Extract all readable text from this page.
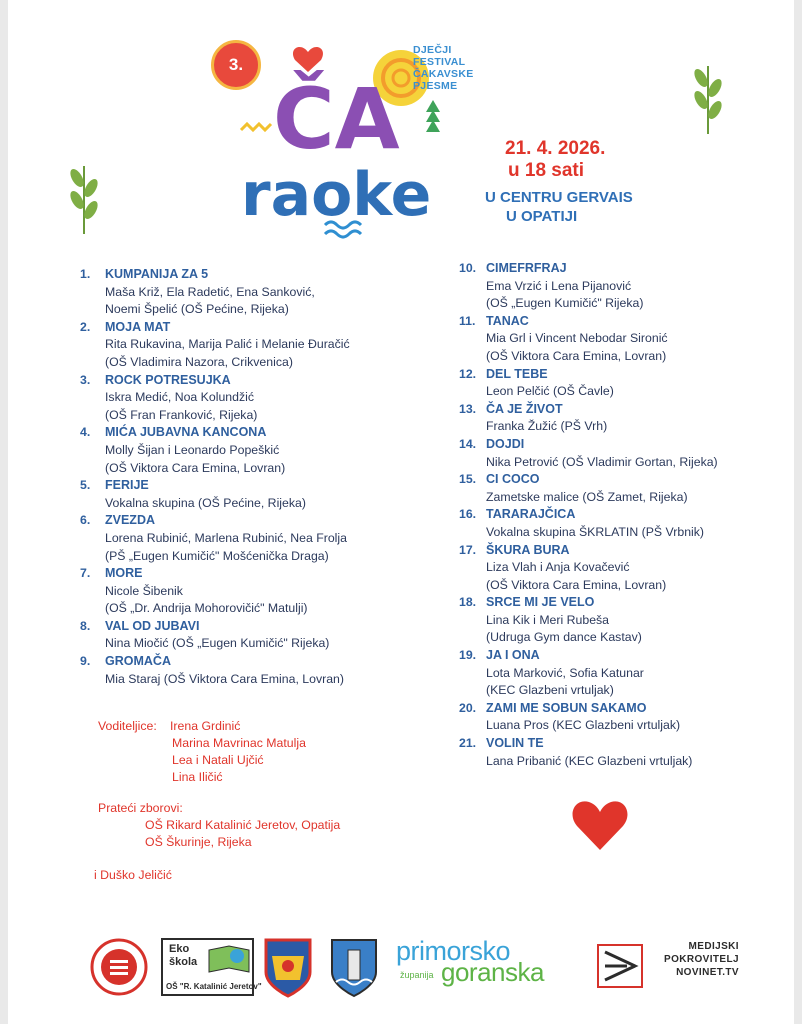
3.
ČA
raoke
DJEČJI
FESTIVAL
ČAKAVSKE
PJESME
21. 4. 2026.
u 18 sati
U CENTRU GERVAIS
U OPATIJI
1.	KUMPANIJA ZA 5
Maša Križ, Ela Radetić, Ena Sanković,
Noemi Špelić (OŠ Pećine, Rijeka)
2.	MOJA MAT
Rita Rukavina, Marija Palić i Melanie Đuračić
(OŠ Vladimira Nazora, Crikvenica)
3.	ROCK POTRESUJKA
Iskra Medić, Noa Kolundžić
(OŠ Fran Franković, Rijeka)
4.	MIĆA JUBAVNA KANCONA
Molly Šijan i Leonardo Popeškić
(OŠ Viktora Cara Emina, Lovran)
5.	FERIJE
Vokalna skupina (OŠ Pećine, Rijeka)
6.	ZVEZDA
Lorena Rubinić, Marlena Rubinić, Nea Frolja
(PŠ „Eugen Kumičić" Mošćenička Draga)
7.	MORE
Nicole Šibenik
(OŠ „Dr. Andrija Mohorovičić" Matulji)
8.	VAL OD JUBAVI
Nina Miočić (OŠ „Eugen Kumičić" Rijeka)
9.	GROMAČA
Mia Staraj (OŠ Viktora Cara Emina, Lovran)
10. CIMEFRFRAJ
Ema Vrzić i Lena Pijanović
(OŠ „Eugen Kumičić" Rijeka)
11. TANAC
Mia Grl i Vincent Nebodar Sironić
(OŠ Viktora Cara Emina, Lovran)
12. DEL TEBE
Leon Pelčić (OŠ Čavle)
13. ČA JE ŽIVOT
Franka Žužić (PŠ Vrh)
14. DOJDI
Nika Petrović (OŠ Vladimir Gortan, Rijeka)
15. CI COCO
Zametske malice (OŠ Zamet, Rijeka)
16. TARARAJČICA
Vokalna skupina ŠKRLATIN (PŠ Vrbnik)
17. ŠKURA BURA
Liza Vlah i Anja Kovačević
(OŠ Viktora Cara Emina, Lovran)
18. SRCE MI JE VELO
Lina Kik i Meri Rubeša
(Udruga Gym dance Kastav)
19. JA I ONA
Lota Marković, Sofia Katunar
(KEC Glazbeni vrtuljak)
20. ZAMI ME SOBUN SAKAMO
Luana Pros (KEC Glazbeni vrtuljak)
21. VOLIN TE
Lana Pribanić (KEC Glazbeni vrtuljak)
Voditeljice: Irena Grdinić
Marina Mavrinac Matulja
Lea i Natali Ujčić
Lina Iličić
Prateći zborovi:
OŠ Rikard Katalinić Jeretov, Opatija
OŠ Škurinje, Rijeka
i Duško Jeličić
Eko
škola
OŠ "R. Katalinić Jeretov"
primorsko
županija goranska
MEDIJSKI
POKROVITELJ
NOVINET.TV
